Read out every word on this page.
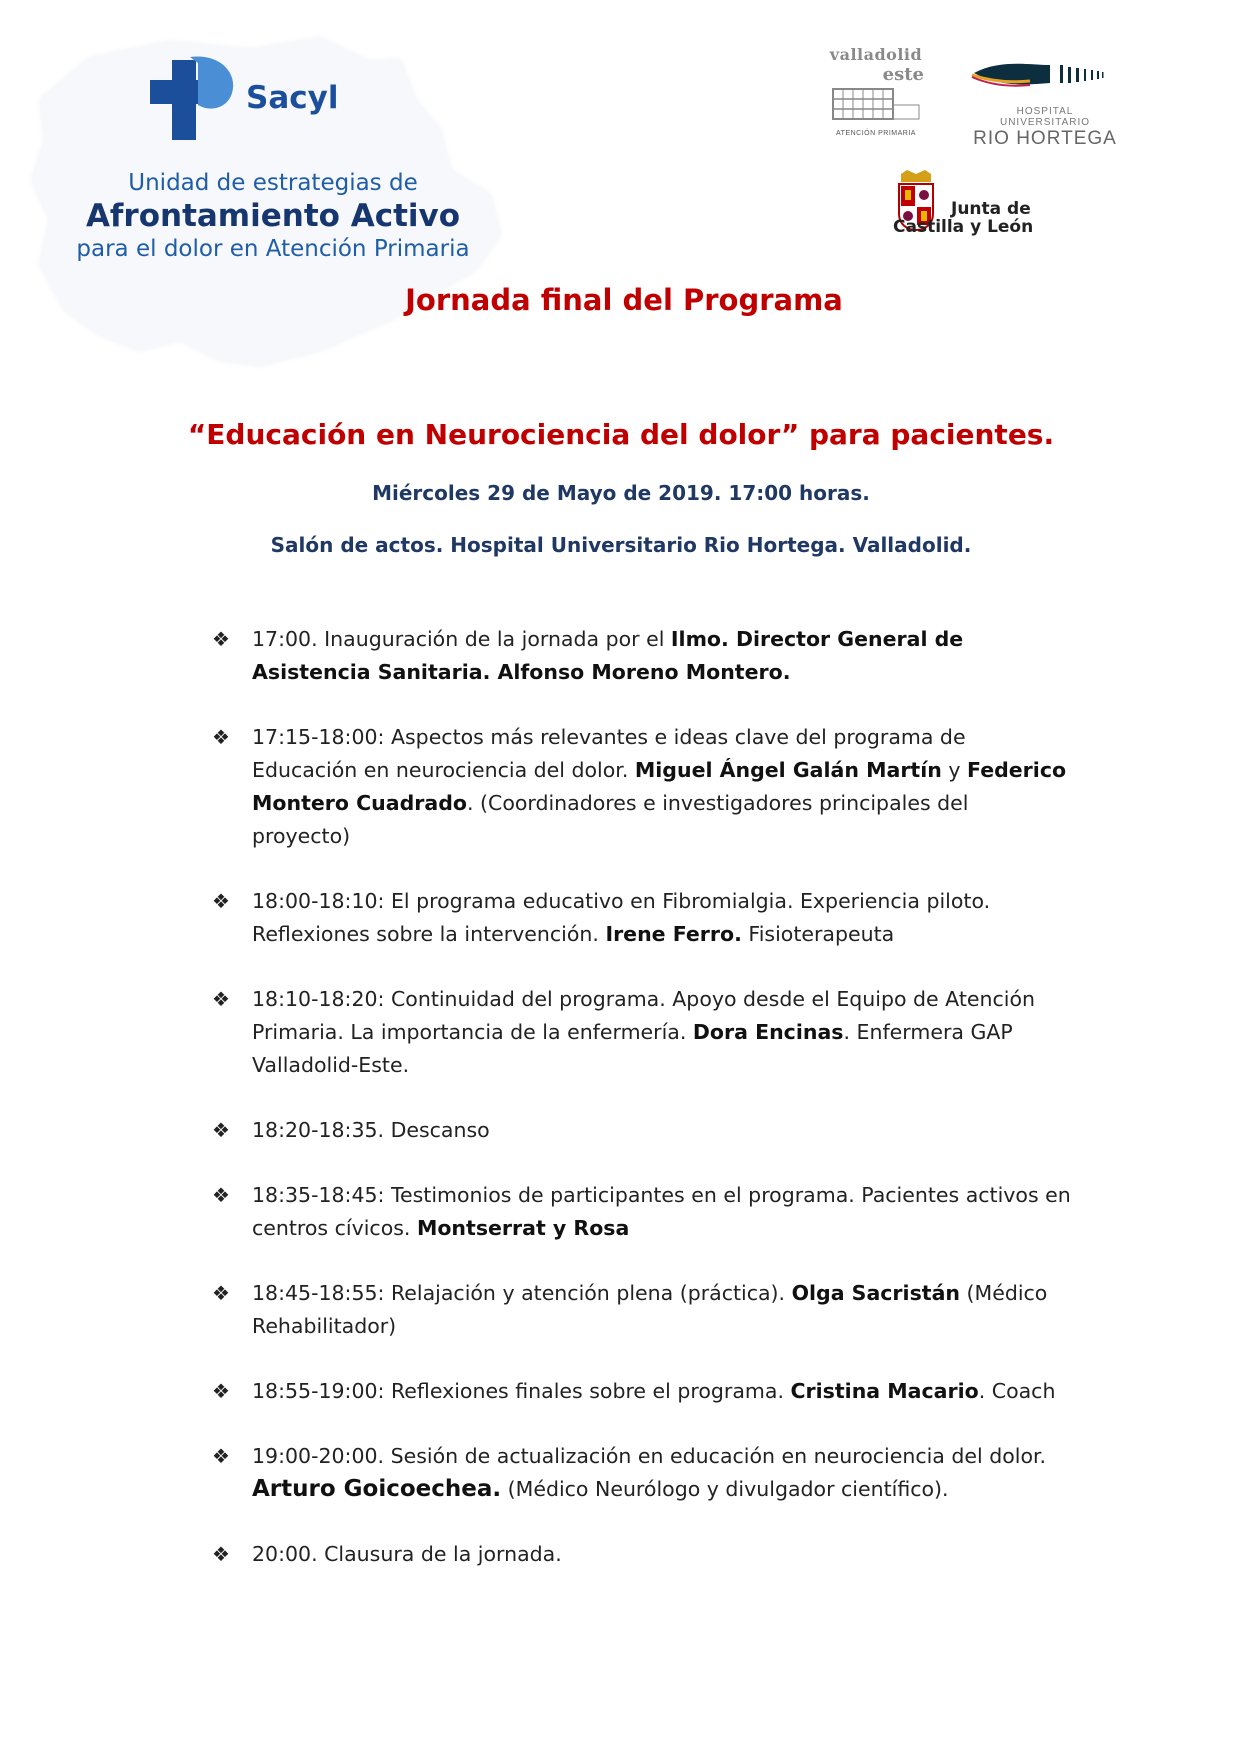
Sacyl
Unidad de estrategias de
Afrontamiento Activo
para el dolor en Atención Primaria
valladolid
este
ATENCIÓN PRIMARIA
HOSPITAL UNIVERSITARIO
RIO HORTEGA
Junta de
Castilla y León
Jornada final del Programa
“Educación en Neurociencia del dolor” para pacientes.
Miércoles 29 de Mayo de 2019. 17:00 horas.
Salón de actos. Hospital Universitario Rio Hortega. Valladolid.
❖ 17:00. Inauguración de la jornada por el Ilmo. Director General de Asistencia Sanitaria. Alfonso Moreno Montero.
❖ 17:15-18:00: Aspectos más relevantes e ideas clave del programa de Educación en neurociencia del dolor. Miguel Ángel Galán Martín y Federico Montero Cuadrado. (Coordinadores e investigadores principales del proyecto)
❖ 18:00-18:10: El programa educativo en Fibromialgia. Experiencia piloto. Reflexiones sobre la intervención. Irene Ferro. Fisioterapeuta
❖ 18:10-18:20: Continuidad del programa. Apoyo desde el Equipo de Atención Primaria. La importancia de la enfermería. Dora Encinas. Enfermera GAP Valladolid-Este.
❖ 18:20-18:35. Descanso
❖ 18:35-18:45: Testimonios de participantes en el programa. Pacientes activos en centros cívicos. Montserrat y Rosa
❖ 18:45-18:55: Relajación y atención plena (práctica). Olga Sacristán (Médico Rehabilitador)
❖ 18:55-19:00: Reflexiones finales sobre el programa. Cristina Macario. Coach
❖ 19:00-20:00. Sesión de actualización en educación en neurociencia del dolor. Arturo Goicoechea. (Médico Neurólogo y divulgador científico).
❖ 20:00. Clausura de la jornada.
